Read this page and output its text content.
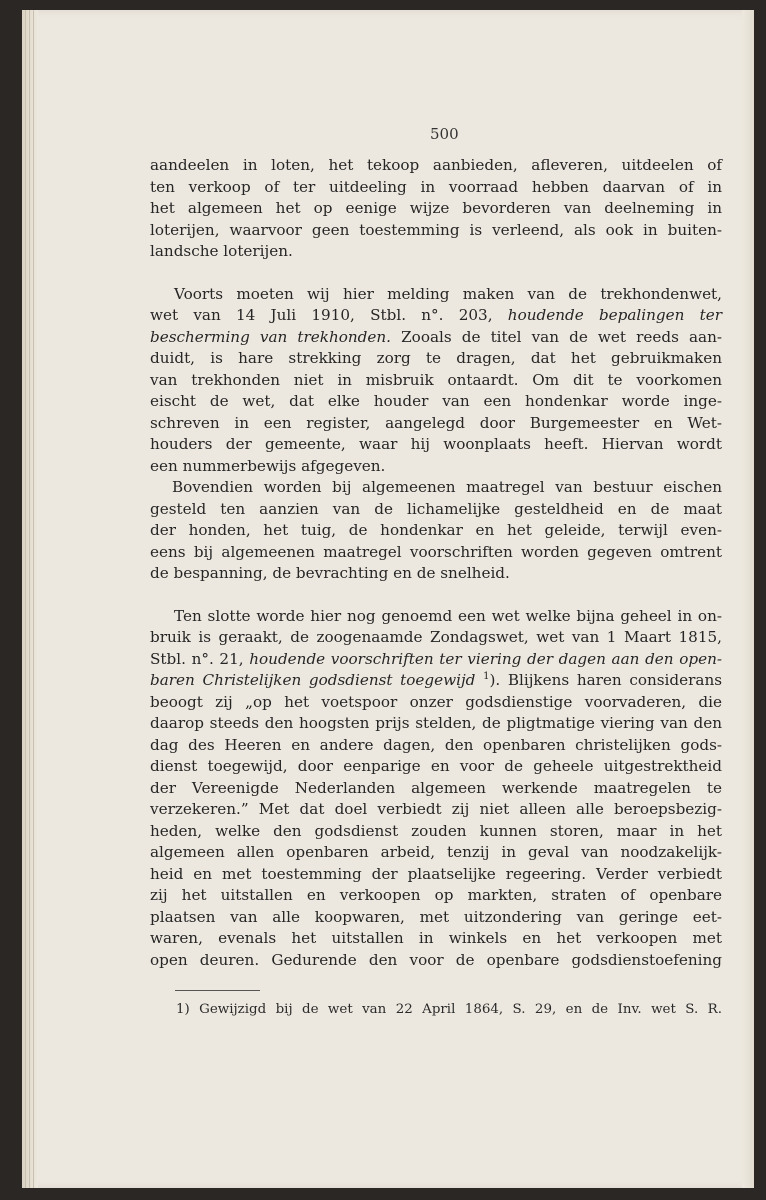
500

aandeelen in loten, het tekoop aanbieden, afleveren, uitdeelen of
ten verkoop of ter uitdeeling in voorraad hebben daarvan of in
het algemeen het op eenige wijze bevorderen van deelneming in
loterijen, waarvoor geen toestemming is verleend, als ook in buiten-
landsche loterijen.

Voorts moeten wij hier melding maken van de trekhondenwet,
wet van 14 Juli 1910, Stbl. n°. 203, houdende bepalingen ter
bescherming van trekhonden. Zooals de titel van de wet reeds aan-
duidt, is hare strekking zorg te dragen, dat het gebruikmaken
van trekhonden niet in misbruik ontaardt. Om dit te voorkomen
eischt de wet, dat elke houder van een hondenkar worde inge-
schreven in een register, aangelegd door Burgemeester en Wet-
houders der gemeente, waar hij woonplaats heeft. Hiervan wordt
een nummerbewijs afgegeven.

Bovendien worden bij algemeenen maatregel van bestuur eischen
gesteld ten aanzien van de lichamelijke gesteldheid en de maat
der honden, het tuig, de hondenkar en het geleide, terwijl even-
eens bij algemeenen maatregel voorschriften worden gegeven omtrent
de bespanning, de bevrachting en de snelheid.

Ten slotte worde hier nog genoemd een wet welke bijna geheel in on-
bruik is geraakt, de zoogenaamde Zondagswet, wet van 1 Maart 1815,
Stbl. n°. 21, houdende voorschriften ter viering der dagen aan den open-
baren Christelijken godsdienst toegewijd $^1$). Blijkens haren considerans
beoogt zij „op het voetspoor onzer godsdienstige voorvaderen, die
daarop steeds den hoogsten prijs stelden, de pligtmatige viering van den
dag des Heeren en andere dagen, den openbaren christelijken gods-
dienst toegewijd, door eenparige en voor de geheele uitgestrektheid
der Vereenigde Nederlanden algemeen werkende maatregelen te
verzekeren.” Met dat doel verbiedt zij niet alleen alle beroepsbezig-
heden, welke den godsdienst zouden kunnen storen, maar in het
algemeen allen openbaren arbeid, tenzij in geval van noodzakelijk-
heid en met toestemming der plaatselijke regeering. Verder verbiedt
zij het uitstallen en verkoopen op markten, straten of openbare
plaatsen van alle koopwaren, met uitzondering van geringe eet-
waren, evenals het uitstallen in winkels en het verkoopen met
open deuren. Gedurende den voor de openbare godsdienstoefening

1) Gewijzigd bij de wet van 22 April 1864, S. 29, en de Inv. wet S. R.
